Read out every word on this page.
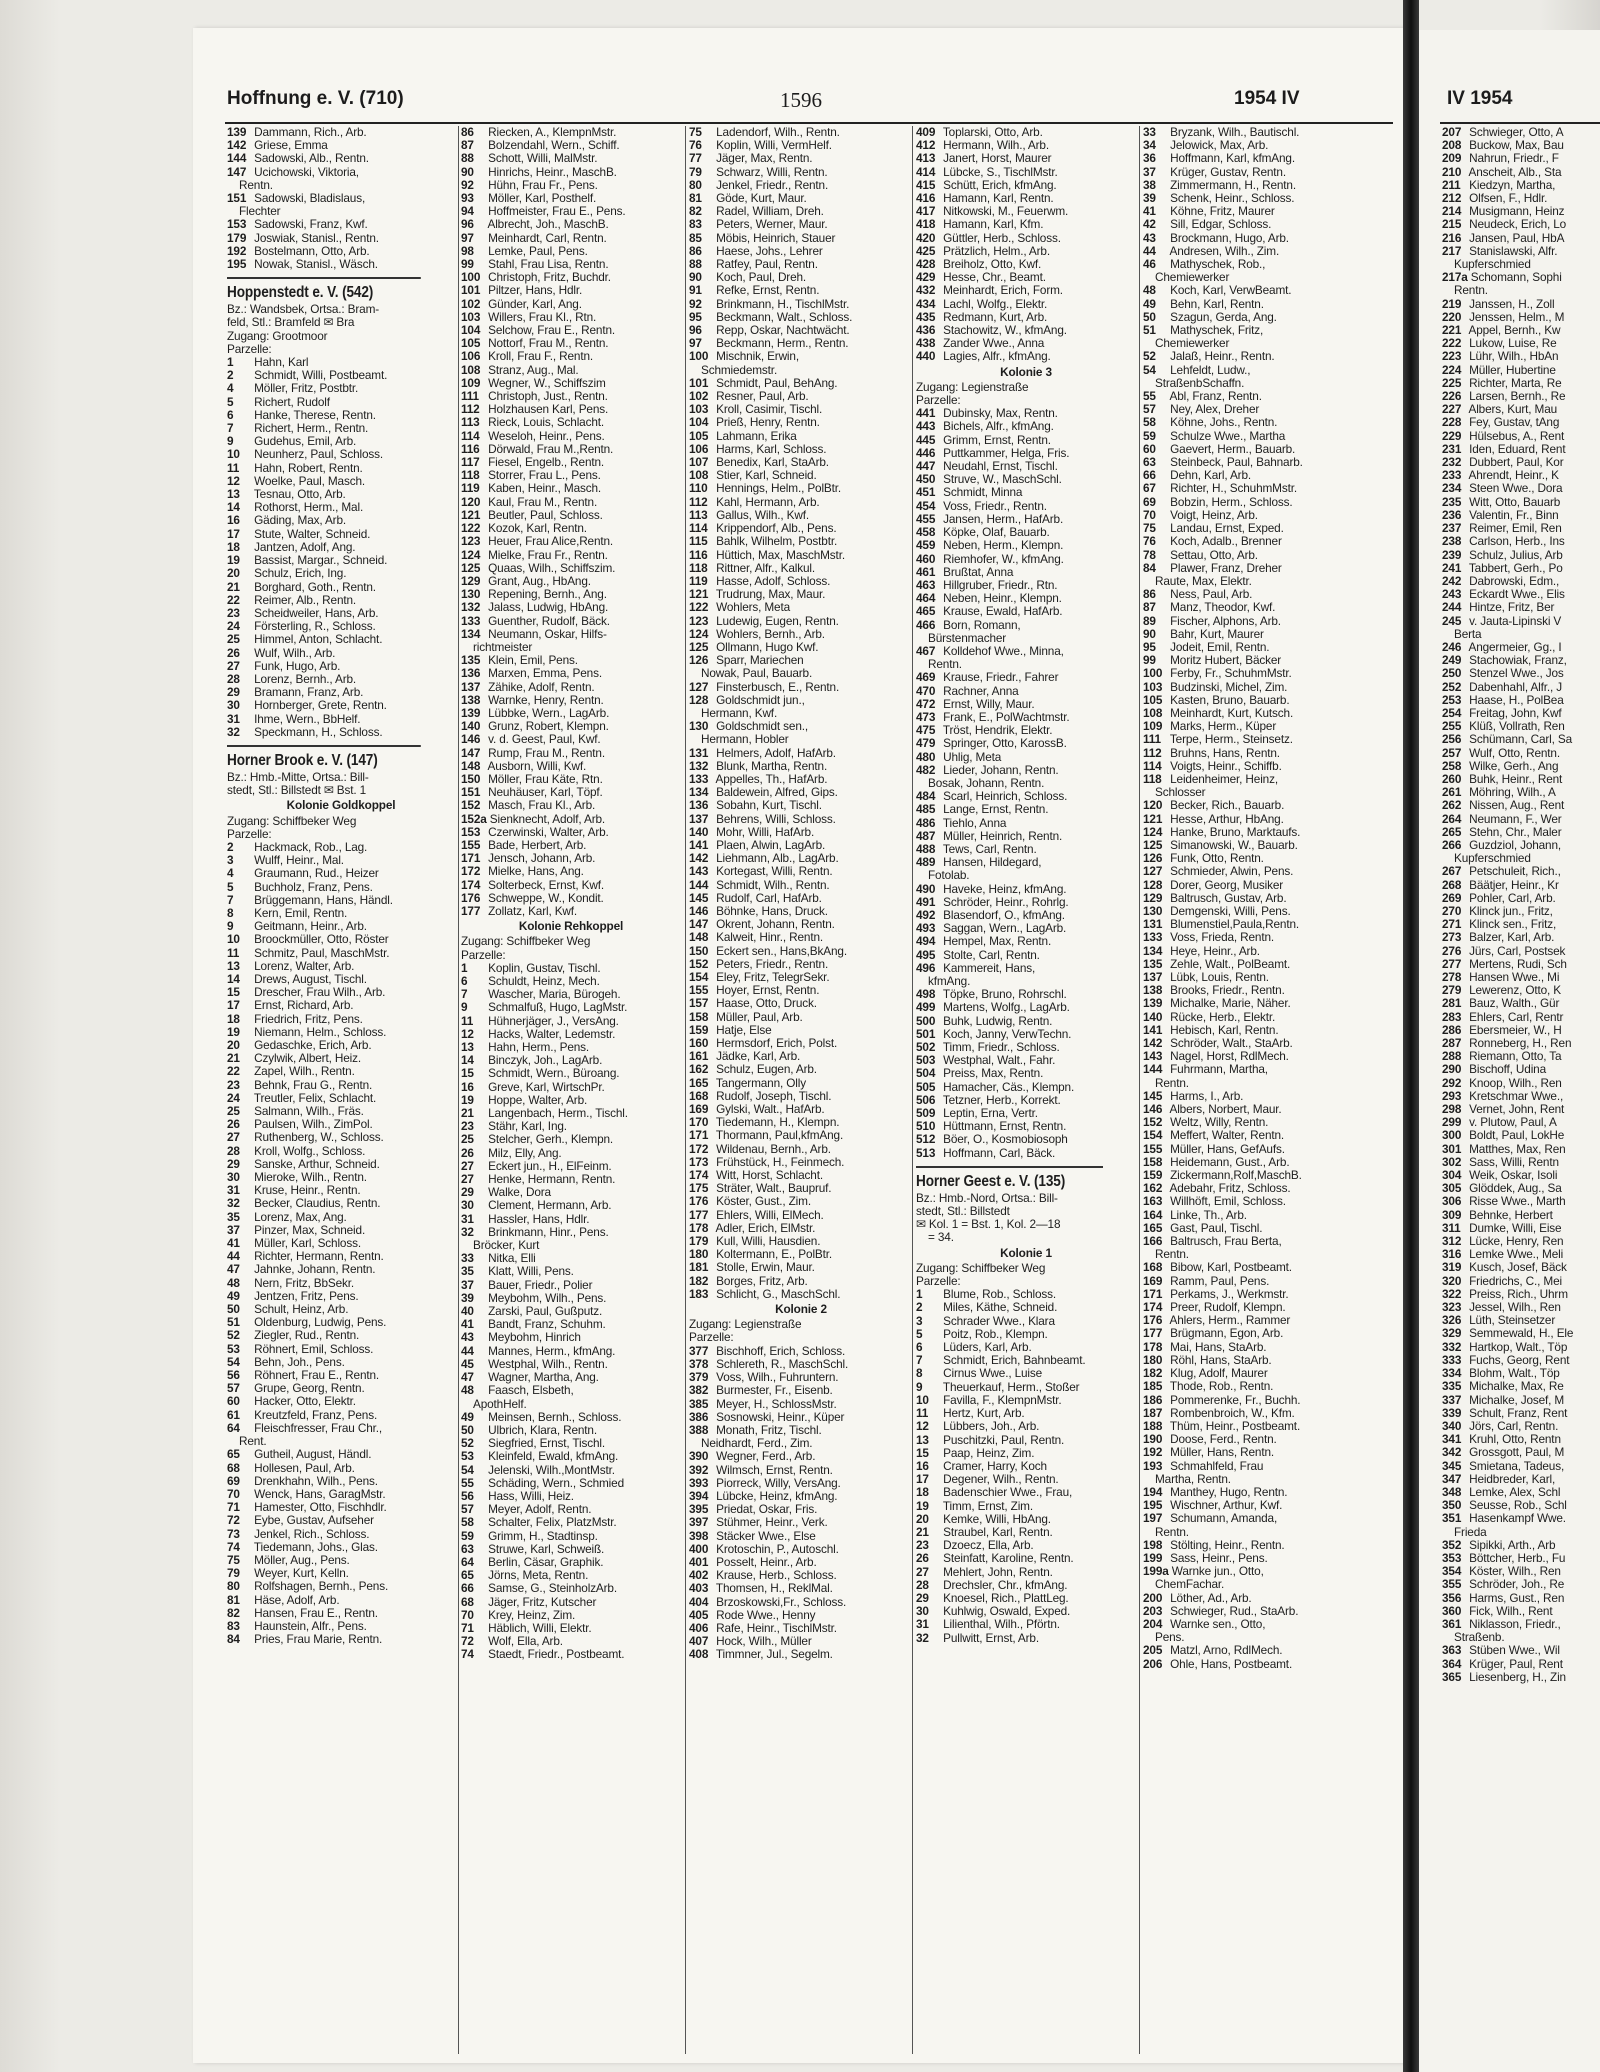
Hoffnung e. V. (710)	1596	1954 IV	IV 1954
139 Dammann, Rich., Arb.
142 Griese, Emma
144 Sadowski, Alb., Rentn.
147 Ucichowski, Viktoria,
Rentn.
151 Sadowski, Bladislaus,
Flechter
153 Sadowski, Franz, Kwf.
179 Joswiak, Stanisl., Rentn.
192 Bostelmann, Otto, Arb.
195 Nowak, Stanisl., Wäsch.
Hoppenstedt e. V. (542)
Bz.: Wandsbek, Ortsa.: Bram-
feld, Stl.: Bramfeld ✉ Bra
Zugang: Grootmoor
Parzelle:
1 Hahn, Karl
2 Schmidt, Willi, Postbeamt.
4 Möller, Fritz, Postbtr.
5 Richert, Rudolf
6 Hanke, Therese, Rentn.
7 Richert, Herm., Rentn.
9 Gudehus, Emil, Arb.
10 Neunherz, Paul, Schloss.
11 Hahn, Robert, Rentn.
12 Woelke, Paul, Masch.
13 Tesnau, Otto, Arb.
14 Rothorst, Herm., Mal.
16 Gäding, Max, Arb.
17 Stute, Walter, Schneid.
18 Jantzen, Adolf, Ang.
19 Bassist, Margar., Schneid.
20 Schulz, Erich, Ing.
21 Borghard, Goth., Rentn.
22 Reimer, Alb., Rentn.
23 Scheidweiler, Hans, Arb.
24 Försterling, R., Schloss.
25 Himmel, Anton, Schlacht.
26 Wulf, Wilh., Arb.
27 Funk, Hugo, Arb.
28 Lorenz, Bernh., Arb.
29 Bramann, Franz, Arb.
30 Hornberger, Grete, Rentn.
31 Ihme, Wern., BbHelf.
32 Speckmann, H., Schloss.
Horner Brook e. V. (147)
Bz.: Hmb.-Mitte, Ortsa.: Bill-
stedt, Stl.: Billstedt ✉ Bst. 1
Kolonie Goldkoppel
Zugang: Schiffbeker Weg
Parzelle:
2 Hackmack, Rob., Lag.
3 Wulff, Heinr., Mal.
4 Graumann, Rud., Heizer
5 Buchholz, Franz, Pens.
7 Brüggemann, Hans, Händl.
8 Kern, Emil, Rentn.
9 Geitmann, Heinr., Arb.
10 Broockmüller, Otto, Röster
11 Schmitz, Paul, MaschMstr.
13 Lorenz, Walter, Arb.
14 Drews, August, Tischl.
15 Drescher, Frau Wilh., Arb.
17 Ernst, Richard, Arb.
18 Friedrich, Fritz, Pens.
19 Niemann, Helm., Schloss.
20 Gedaschke, Erich, Arb.
21 Czylwik, Albert, Heiz.
22 Zapel, Wilh., Rentn.
23 Behnk, Frau G., Rentn.
24 Treutler, Felix, Schlacht.
25 Salmann, Wilh., Fräs.
26 Paulsen, Wilh., ZimPol.
27 Ruthenberg, W., Schloss.
28 Kroll, Wolfg., Schloss.
29 Sanske, Arthur, Schneid.
30 Mieroke, Wilh., Rentn.
31 Kruse, Heinr., Rentn.
32 Becker, Claudius, Rentn.
35 Lorenz, Max, Ang.
37 Pinzer, Max, Schneid.
41 Müller, Karl, Schloss.
44 Richter, Hermann, Rentn.
47 Jahnke, Johann, Rentn.
48 Nern, Fritz, BbSekr.
49 Jentzen, Fritz, Pens.
50 Schult, Heinz, Arb.
51 Oldenburg, Ludwig, Pens.
52 Ziegler, Rud., Rentn.
53 Röhnert, Emil, Schloss.
54 Behn, Joh., Pens.
56 Röhnert, Frau E., Rentn.
57 Grupe, Georg, Rentn.
60 Hacker, Otto, Elektr.
61 Kreutzfeld, Franz, Pens.
64 Fleischfresser, Frau Chr.,
Rent.
65 Gutheil, August, Händl.
68 Hollesen, Paul, Arb.
69 Drenkhahn, Wilh., Pens.
70 Wenck, Hans, GaragMstr.
71 Hamester, Otto, Fischhdlr.
72 Eybe, Gustav, Aufseher
73 Jenkel, Rich., Schloss.
74 Tiedemann, Johs., Glas.
75 Möller, Aug., Pens.
79 Weyer, Kurt, Kelln.
80 Rolfshagen, Bernh., Pens.
81 Häse, Adolf, Arb.
82 Hansen, Frau E., Rentn.
83 Haunstein, Alfr., Pens.
84 Pries, Frau Marie, Rentn.
86 Riecken, A., KlempnMstr.
87 Bolzendahl, Wern., Schiff.
88 Schott, Willi, MalMstr.
90 Hinrichs, Heinr., MaschB.
92 Hühn, Frau Fr., Pens.
93 Möller, Karl, Posthelf.
94 Hoffmeister, Frau E., Pens.
96 Albrecht, Joh., MaschB.
97 Meinhardt, Carl, Rentn.
98 Lemke, Paul, Pens.
99 Stahl, Frau Lisa, Rentn.
100 Christoph, Fritz, Buchdr.
101 Piltzer, Hans, Hdlr.
102 Günder, Karl, Ang.
103 Willers, Frau Kl., Rtn.
104 Selchow, Frau E., Rentn.
105 Nottorf, Frau M., Rentn.
106 Kroll, Frau F., Rentn.
108 Stranz, Aug., Mal.
109 Wegner, W., Schiffszim
111 Christoph, Just., Rentn.
112 Holzhausen Karl, Pens.
113 Rieck, Louis, Schlacht.
114 Weseloh, Heinr., Pens.
116 Dörwald, Frau M.,Rentn.
117 Fiesel, Engelb., Rentn.
118 Storrer, Frau L., Pens.
119 Kaben, Heinr., Masch.
120 Kaul, Frau M., Rentn.
121 Beutler, Paul, Schloss.
122 Kozok, Karl, Rentn.
123 Heuer, Frau Alice,Rentn.
124 Mielke, Frau Fr., Rentn.
125 Quaas, Wilh., Schiffszim.
129 Grant, Aug., HbAng.
130 Repening, Bernh., Ang.
132 Jalass, Ludwig, HbAng.
133 Guenther, Rudolf, Bäck.
134 Neumann, Oskar, Hilfs-
richtmeister
135 Klein, Emil, Pens.
136 Marxen, Emma, Pens.
137 Zähike, Adolf, Rentn.
138 Warnke, Henry, Rentn.
139 Lübbke, Wern., LagArb.
140 Grunz, Robert, Klempn.
146 v. d. Geest, Paul, Kwf.
147 Rump, Frau M., Rentn.
148 Ausborn, Willi, Kwf.
150 Möller, Frau Käte, Rtn.
151 Neuhäuser, Karl, Töpf.
152 Masch, Frau Kl., Arb.
152a Sienknecht, Adolf, Arb.
153 Czerwinski, Walter, Arb.
155 Bade, Herbert, Arb.
171 Jensch, Johann, Arb.
172 Mielke, Hans, Ang.
174 Solterbeck, Ernst, Kwf.
176 Schweppe, W., Kondit.
177 Zollatz, Karl, Kwf.
Kolonie Rehkoppel
Zugang: Schiffbeker Weg
Parzelle:
1 Koplin, Gustav, Tischl.
6 Schuldt, Heinz, Mech.
7 Wascher, Maria, Bürogeh.
9 Schmalfuß, Hugo, LagMstr.
11 Hühnerjäger, J., VersAng.
12 Hacks, Walter, Ledemstr.
13 Hahn, Herm., Pens.
14 Binczyk, Joh., LagArb.
15 Schmidt, Wern., Büroang.
16 Greve, Karl, WirtschPr.
19 Hoppe, Walter, Arb.
21 Langenbach, Herm., Tischl.
23 Stähr, Karl, Ing.
25 Stelcher, Gerh., Klempn.
26 Milz, Elly, Ang.
27 Eckert jun., H., ElFeinm.
27 Henke, Hermann, Rentn.
29 Walke, Dora
30 Clement, Hermann, Arb.
31 Hassler, Hans, Hdlr.
32 Brinkmann, Hinr., Pens.
Bröcker, Kurt
33 Nitka, Elli
35 Klatt, Willi, Pens.
37 Bauer, Friedr., Polier
39 Meybohm, Wilh., Pens.
40 Zarski, Paul, Gußputz.
41 Bandt, Franz, Schuhm.
43 Meybohm, Hinrich
44 Mannes, Herm., kfmAng.
45 Westphal, Wilh., Rentn.
47 Wagner, Martha, Ang.
48 Faasch, Elsbeth,
ApothHelf.
49 Meinsen, Bernh., Schloss.
50 Ulbrich, Klara, Rentn.
52 Siegfried, Ernst, Tischl.
53 Kleinfeld, Ewald, kfmAng.
54 Jelenski, Wilh.,MontMstr.
55 Schäding, Wern., Schmied
56 Hass, Willi, Heiz.
57 Meyer, Adolf, Rentn.
58 Schalter, Felix, PlatzMstr.
59 Grimm, H., Stadtinsp.
63 Struwe, Karl, Schweiß.
64 Berlin, Cäsar, Graphik.
65 Jörns, Meta, Rentn.
66 Samse, G., SteinholzArb.
68 Jäger, Fritz, Kutscher
70 Krey, Heinz, Zim.
71 Häblich, Willi, Elektr.
72 Wolf, Ella, Arb.
74 Staedt, Friedr., Postbeamt.
75 Ladendorf, Wilh., Rentn.
76 Koplin, Willi, VermHelf.
77 Jäger, Max, Rentn.
79 Schwarz, Willi, Rentn.
80 Jenkel, Friedr., Rentn.
81 Göde, Kurt, Maur.
82 Radel, William, Dreh.
83 Peters, Werner, Maur.
85 Möbis, Heinrich, Stauer
86 Haese, Johs., Lehrer
88 Ratfey, Paul, Rentn.
90 Koch, Paul, Dreh.
91 Refke, Ernst, Rentn.
92 Brinkmann, H., TischlMstr.
95 Beckmann, Walt., Schloss.
96 Repp, Oskar, Nachtwächt.
97 Beckmann, Herm., Rentn.
100 Mischnik, Erwin,
Schmiedemstr.
101 Schmidt, Paul, BehAng.
102 Resner, Paul, Arb.
103 Kroll, Casimir, Tischl.
104 Prieß, Henry, Rentn.
105 Lahmann, Erika
106 Harms, Karl, Schloss.
107 Benedix, Karl, StaArb.
108 Stier, Karl, Schneid.
110 Hennings, Helm., PolBtr.
112 Kahl, Hermann, Arb.
113 Gallus, Wilh., Kwf.
114 Krippendorf, Alb., Pens.
115 Bahlk, Wilhelm, Postbtr.
116 Hüttich, Max, MaschMstr.
118 Rittner, Alfr., Kalkul.
119 Hasse, Adolf, Schloss.
121 Trudrung, Max, Maur.
122 Wohlers, Meta
123 Ludewig, Eugen, Rentn.
124 Wohlers, Bernh., Arb.
125 Ollmann, Hugo Kwf.
126 Sparr, Mariechen
Nowak, Paul, Bauarb.
127 Finsterbusch, E., Rentn.
128 Goldschmidt jun.,
Hermann, Kwf.
130 Goldschmidt sen.,
Hermann, Hobler
131 Helmers, Adolf, HafArb.
132 Blunk, Martha, Rentn.
133 Appelles, Th., HafArb.
134 Baldewein, Alfred, Gips.
136 Sobahn, Kurt, Tischl.
137 Behrens, Willi, Schloss.
140 Mohr, Willi, HafArb.
141 Plaen, Alwin, LagArb.
142 Liehmann, Alb., LagArb.
143 Kortegast, Willi, Rentn.
144 Schmidt, Wilh., Rentn.
145 Rudolf, Carl, HafArb.
146 Böhnke, Hans, Druck.
147 Okrent, Johann, Rentn.
148 Kalweit, Hinr., Rentn.
150 Eckert sen., Hans,BkAng.
152 Peters, Friedr., Rentn.
154 Eley, Fritz, TelegrSekr.
155 Hoyer, Ernst, Rentn.
157 Haase, Otto, Druck.
158 Müller, Paul, Arb.
159 Hatje, Else
160 Hermsdorf, Erich, Polst.
161 Jädke, Karl, Arb.
162 Schulz, Eugen, Arb.
165 Tangermann, Olly
168 Rudolf, Joseph, Tischl.
169 Gylski, Walt., HafArb.
170 Tiedemann, H., Klempn.
171 Thormann, Paul,kfmAng.
172 Wildenau, Bernh., Arb.
173 Frühstück, H., Feinmech.
174 Witt, Horst, Schlacht.
175 Sträter, Walt., Baupruf.
176 Köster, Gust., Zim.
177 Ehlers, Willi, ElMech.
178 Adler, Erich, ElMstr.
179 Kull, Willi, Hausdien.
180 Koltermann, E., PolBtr.
181 Stolle, Erwin, Maur.
182 Borges, Fritz, Arb.
183 Schlicht, G., MaschSchl.
Kolonie 2
Zugang: Legienstraße
Parzelle:
377 Bischhoff, Erich, Schloss.
378 Schlereth, R., MaschSchl.
379 Voss, Wilh., Fuhruntern.
382 Burmester, Fr., Eisenb.
385 Meyer, H., SchlossMstr.
386 Sosnowski, Heinr., Küper
388 Monath, Fritz, Tischl.
Neidhardt, Ferd., Zim.
390 Wegner, Ferd., Arb.
392 Wilmsch, Ernst, Rentn.
393 Piorreck, Willy, VersAng.
394 Lübcke, Heinz, kfmAng.
395 Priedat, Oskar, Fris.
397 Stühmer, Heinr., Verk.
398 Stäcker Wwe., Else
400 Krotoschin, P., Autoschl.
401 Posselt, Heinr., Arb.
402 Krause, Herb., Schloss.
403 Thomsen, H., ReklMal.
404 Brzoskowski,Fr., Schloss.
405 Rode Wwe., Henny
406 Rafe, Heinr., TischlMstr.
407 Hock, Wilh., Müller
408 Timmner, Jul., Segelm.
409 Toplarski, Otto, Arb.
412 Hermann, Wilh., Arb.
413 Janert, Horst, Maurer
414 Lübcke, S., TischlMstr.
415 Schütt, Erich, kfmAng.
416 Hamann, Karl, Rentn.
417 Nitkowski, M., Feuerwm.
418 Hamann, Karl, Kfm.
420 Güttler, Herb., Schloss.
425 Prätzlich, Helm., Arb.
428 Breiholz, Otto, Kwf.
429 Hesse, Chr., Beamt.
432 Meinhardt, Erich, Form.
434 Lachl, Wolfg., Elektr.
435 Redmann, Kurt, Arb.
436 Stachowitz, W., kfmAng.
438 Zander Wwe., Anna
440 Lagies, Alfr., kfmAng.
Kolonie 3
Zugang: Legienstraße
Parzelle:
441 Dubinsky, Max, Rentn.
443 Bichels, Alfr., kfmAng.
445 Grimm, Ernst, Rentn.
446 Puttkammer, Helga, Fris.
447 Neudahl, Ernst, Tischl.
450 Struve, W., MaschSchl.
451 Schmidt, Minna
454 Voss, Friedr., Rentn.
455 Jansen, Herm., HafArb.
458 Köpke, Olaf, Bauarb.
459 Neben, Herm., Klempn.
460 Riemhofer, W., kfmAng.
461 Brußtat, Anna
463 Hillgruber, Friedr., Rtn.
464 Neben, Heinr., Klempn.
465 Krause, Ewald, HafArb.
466 Born, Romann,
Bürstenmacher
467 Kolldehof Wwe., Minna,
Rentn.
469 Krause, Friedr., Fahrer
470 Rachner, Anna
472 Ernst, Willy, Maur.
473 Frank, E., PolWachtmstr.
475 Tröst, Hendrik, Elektr.
479 Springer, Otto, KarossB.
480 Uhlig, Meta
482 Lieder, Johann, Rentn.
Bosak, Johann, Rentn.
484 Scarl, Heinrich, Schloss.
485 Lange, Ernst, Rentn.
486 Tiehlo, Anna
487 Müller, Heinrich, Rentn.
488 Tews, Carl, Rentn.
489 Hansen, Hildegard,
Fotolab.
490 Haveke, Heinz, kfmAng.
491 Schröder, Heinr., Rohrlg.
492 Blasendorf, O., kfmAng.
493 Saggan, Wern., LagArb.
494 Hempel, Max, Rentn.
495 Stolte, Carl, Rentn.
496 Kammereit, Hans,
kfmAng.
498 Töpke, Bruno, Rohrschl.
499 Martens, Wolfg., LagArb.
500 Buhk, Ludwig, Rentn.
501 Koch, Janny, VerwTechn.
502 Timm, Friedr., Schloss.
503 Westphal, Walt., Fahr.
504 Preiss, Max, Rentn.
505 Hamacher, Cäs., Klempn.
506 Tetzner, Herb., Korrekt.
509 Leptin, Erna, Vertr.
510 Hüttmann, Ernst, Rentn.
512 Böer, O., Kosmobiosoph
513 Hoffmann, Carl, Bäck.
Horner Geest e. V. (135)
Bz.: Hmb.-Nord, Ortsa.: Bill-
stedt, Stl.: Billstedt
✉ Kol. 1 = Bst. 1, Kol. 2—18
= 34.
Kolonie 1
Zugang: Schiffbeker Weg
Parzelle:
1 Blume, Rob., Schloss.
2 Miles, Käthe, Schneid.
3 Schrader Wwe., Klara
5 Poitz, Rob., Klempn.
6 Lüders, Karl, Arb.
7 Schmidt, Erich, Bahnbeamt.
8 Cirnus Wwe., Luise
9 Theuerkauf, Herm., Stoßer
10 Favilla, F., KlempnMstr.
11 Hertz, Kurt, Arb.
12 Lübbers, Joh., Arb.
13 Puschitzki, Paul, Rentn.
15 Paap, Heinz, Zim.
16 Cramer, Harry, Koch
17 Degener, Wilh., Rentn.
18 Badenschier Wwe., Frau,
19 Timm, Ernst, Zim.
20 Kemke, Willi, HbAng.
21 Straubel, Karl, Rentn.
23 Dzoecz, Ella, Arb.
26 Steinfatt, Karoline, Rentn.
27 Mehlert, John, Rentn.
28 Drechsler, Chr., kfmAng.
29 Knoesel, Rich., PlattLeg.
30 Kuhlwig, Oswald, Exped.
31 Lilienthal, Wilh., Pförtn.
32 Pullwitt, Ernst, Arb.
33 Bryzank, Wilh., Bautischl.
34 Jelowick, Max, Arb.
36 Hoffmann, Karl, kfmAng.
37 Krüger, Gustav, Rentn.
38 Zimmermann, H., Rentn.
39 Schenk, Heinr., Schloss.
41 Köhne, Fritz, Maurer
42 Sill, Edgar, Schloss.
43 Brockmann, Hugo, Arb.
44 Andresen, Wilh., Zim.
46 Mathyschek, Rob.,
Chemiewerker
48 Koch, Karl, VerwBeamt.
49 Behn, Karl, Rentn.
50 Szagun, Gerda, Ang.
51 Mathyschek, Fritz,
Chemiewerker
52 Jalaß, Heinr., Rentn.
54 Lehfeldt, Ludw.,
StraßenbSchaffn.
55 Abl, Franz, Rentn.
57 Ney, Alex, Dreher
58 Köhne, Johs., Rentn.
59 Schulze Wwe., Martha
60 Gaevert, Herm., Bauarb.
63 Steinbeck, Paul, Bahnarb.
66 Dehn, Karl, Arb.
67 Richter, H., SchuhmMstr.
69 Bobzin, Herm., Schloss.
70 Voigt, Heinz, Arb.
75 Landau, Ernst, Exped.
76 Koch, Adalb., Brenner
78 Settau, Otto, Arb.
84 Plawer, Franz, Dreher
Raute, Max, Elektr.
86 Ness, Paul, Arb.
87 Manz, Theodor, Kwf.
89 Fischer, Alphons, Arb.
90 Bahr, Kurt, Maurer
95 Jodeit, Emil, Rentn.
99 Moritz Hubert, Bäcker
100 Ferby, Fr., SchuhmMstr.
103 Budzinski, Michel, Zim.
105 Kasten, Bruno, Bauarb.
108 Meinhardt, Kurt, Kutsch.
109 Marks, Herm., Küper
111 Terpe, Herm., Steinsetz.
112 Bruhns, Hans, Rentn.
114 Voigts, Heinr., Schiffb.
118 Leidenheimer, Heinz,
Schlosser
120 Becker, Rich., Bauarb.
121 Hesse, Arthur, HbAng.
124 Hanke, Bruno, Marktaufs.
125 Simanowski, W., Bauarb.
126 Funk, Otto, Rentn.
127 Schmieder, Alwin, Pens.
128 Dorer, Georg, Musiker
129 Baltrusch, Gustav, Arb.
130 Demgenski, Willi, Pens.
131 Blumenstiel,Paula,Rentn.
133 Voss, Frieda, Rentn.
134 Heye, Heinr., Arb.
135 Zehle, Walt., PolBeamt.
137 Lübk, Louis, Rentn.
138 Brooks, Friedr., Rentn.
139 Michalke, Marie, Näher.
140 Rücke, Herb., Elektr.
141 Hebisch, Karl, Rentn.
142 Schröder, Walt., StaArb.
143 Nagel, Horst, RdlMech.
144 Fuhrmann, Martha,
Rentn.
145 Harms, I., Arb.
146 Albers, Norbert, Maur.
152 Weltz, Willy, Rentn.
154 Meffert, Walter, Rentn.
155 Müller, Hans, GefAufs.
158 Heidemann, Gust., Arb.
159 Zickermann,Rolf,MaschB.
162 Adebahr, Fritz, Schloss.
163 Willhöft, Emil, Schloss.
164 Linke, Th., Arb.
165 Gast, Paul, Tischl.
166 Baltrusch, Frau Berta,
Rentn.
168 Bibow, Karl, Postbeamt.
169 Ramm, Paul, Pens.
171 Perkams, J., Werkmstr.
174 Preer, Rudolf, Klempn.
176 Ahlers, Herm., Rammer
177 Brügmann, Egon, Arb.
178 Mai, Hans, StaArb.
180 Röhl, Hans, StaArb.
182 Klug, Adolf, Maurer
185 Thode, Rob., Rentn.
186 Pommerenke, Fr., Buchh.
187 Rombenbroich, W., Kfm.
188 Thüm, Heinr., Postbeamt.
190 Doose, Ferd., Rentn.
192 Müller, Hans, Rentn.
193 Schmahlfeld, Frau
Martha, Rentn.
194 Manthey, Hugo, Rentn.
195 Wischner, Arthur, Kwf.
197 Schumann, Amanda,
Rentn.
198 Stölting, Heinr., Rentn.
199 Sass, Heinr., Pens.
199a Warnke jun., Otto,
ChemFachar.
200 Löther, Ad., Arb.
203 Schwieger, Rud., StaArb.
204 Warnke sen., Otto,
Pens.
205 Matzl, Arno, RdlMech.
206 Ohle, Hans, Postbeamt.
207 Schwieger, Otto, A
208 Buckow, Max, Bau
209 Nahrun, Friedr., F
210 Anscheit, Alb., Sta
211 Kiedzyn, Martha,
212 Olfsen, F., Hdlr.
214 Musigmann, Heinz
215 Neudeck, Erich, Lo
216 Jansen, Paul, HbA
217 Stanislawski, Alfr.
Kupferschmied
217a Schomann, Sophi
Rentn.
219 Janssen, H., Zoll
220 Jenssen, Helm., M
221 Appel, Bernh., Kw
222 Lukow, Luise, Re
223 Lühr, Wilh., HbAn
224 Müller, Hubertine
225 Richter, Marta, Re
226 Larsen, Bernh., Re
227 Albers, Kurt, Mau
228 Fey, Gustav, tAng
229 Hülsebus, A., Rent
231 Iden, Eduard, Rent
232 Dubbert, Paul, Kor
233 Ahrendt, Heinr., K
234 Steen Wwe., Dora
235 Witt, Otto, Bauarb
236 Valentin, Fr., Binn
237 Reimer, Emil, Ren
238 Carlson, Herb., Ins
239 Schulz, Julius, Arb
241 Tabbert, Gerh., Po
242 Dabrowski, Edm.,
243 Eckardt Wwe., Elis
244 Hintze, Fritz, Ber
245 v. Jauta-Lipinski V
Berta
246 Angermeier, Gg., I
249 Stachowiak, Franz,
250 Stenzel Wwe., Jos
252 Dabenhahl, Alfr., J
253 Haase, H., PolBea
254 Freitag, John, Kwf
255 Klüß, Vollrath, Ren
256 Schümann, Carl, Sa
257 Wulf, Otto, Rentn.
258 Wilke, Gerh., Ang
260 Buhk, Heinr., Rent
261 Möhring, Wilh., A
262 Nissen, Aug., Rent
264 Neumann, F., Wer
265 Stehn, Chr., Maler
266 Guzdziol, Johann,
Kupferschmied
267 Petschuleit, Rich.,
268 Bäätjer, Heinr., Kr
269 Pohler, Carl, Arb.
270 Klinck jun., Fritz,
271 Klinck sen., Fritz,
273 Balzer, Karl, Arb.
276 Jürs, Carl, Postsek
277 Mertens, Rudi, Sch
278 Hansen Wwe., Mi
279 Lewerenz, Otto, K
281 Bauz, Walth., Gür
283 Ehlers, Carl, Rentr
286 Ebersmeier, W., H
287 Ronneberg, H., Ren
288 Riemann, Otto, Ta
290 Bischoff, Udina
292 Knoop, Wilh., Ren
293 Kretschmar Wwe.,
298 Vernet, John, Rent
299 v. Plutow, Paul, A
300 Boldt, Paul, LokHe
301 Matthes, Max, Ren
302 Sass, Willi, Rentn
304 Weik, Oskar, Isoli
305 Glöddek, Aug., Sa
306 Risse Wwe., Marth
309 Behnke, Herbert
311 Dumke, Willi, Eise
312 Lücke, Henry, Ren
316 Lemke Wwe., Meli
319 Kusch, Josef, Bäck
320 Friedrichs, C., Mei
322 Preiss, Rich., Uhrm
323 Jessel, Wilh., Ren
326 Lüth, Steinsetzer
329 Semmewald, H., Ele
332 Hartkop, Walt., Töp
333 Fuchs, Georg, Rent
334 Blohm, Walt., Töp
335 Michalke, Max, Re
337 Michalke, Josef, M
339 Schult, Franz, Rent
340 Jörs, Carl, Rentn.
341 Kruhl, Otto, Rentn
342 Grossgott, Paul, M
345 Smietana, Tadeus,
347 Heidbreder, Karl,
348 Lemke, Alex, Schl
350 Seusse, Rob., Schl
351 Hasenkampf Wwe.
Frieda
352 Sipikki, Arth., Arb
353 Böttcher, Herb., Fu
354 Köster, Wilh., Ren
355 Schröder, Joh., Re
356 Harms, Gust., Ren
360 Fick, Wilh., Rent
361 Niklasson, Friedr.,
Straßenb.
363 Stüben Wwe., Wil
364 Krüger, Paul, Rent
365 Liesenberg, H., Zin
